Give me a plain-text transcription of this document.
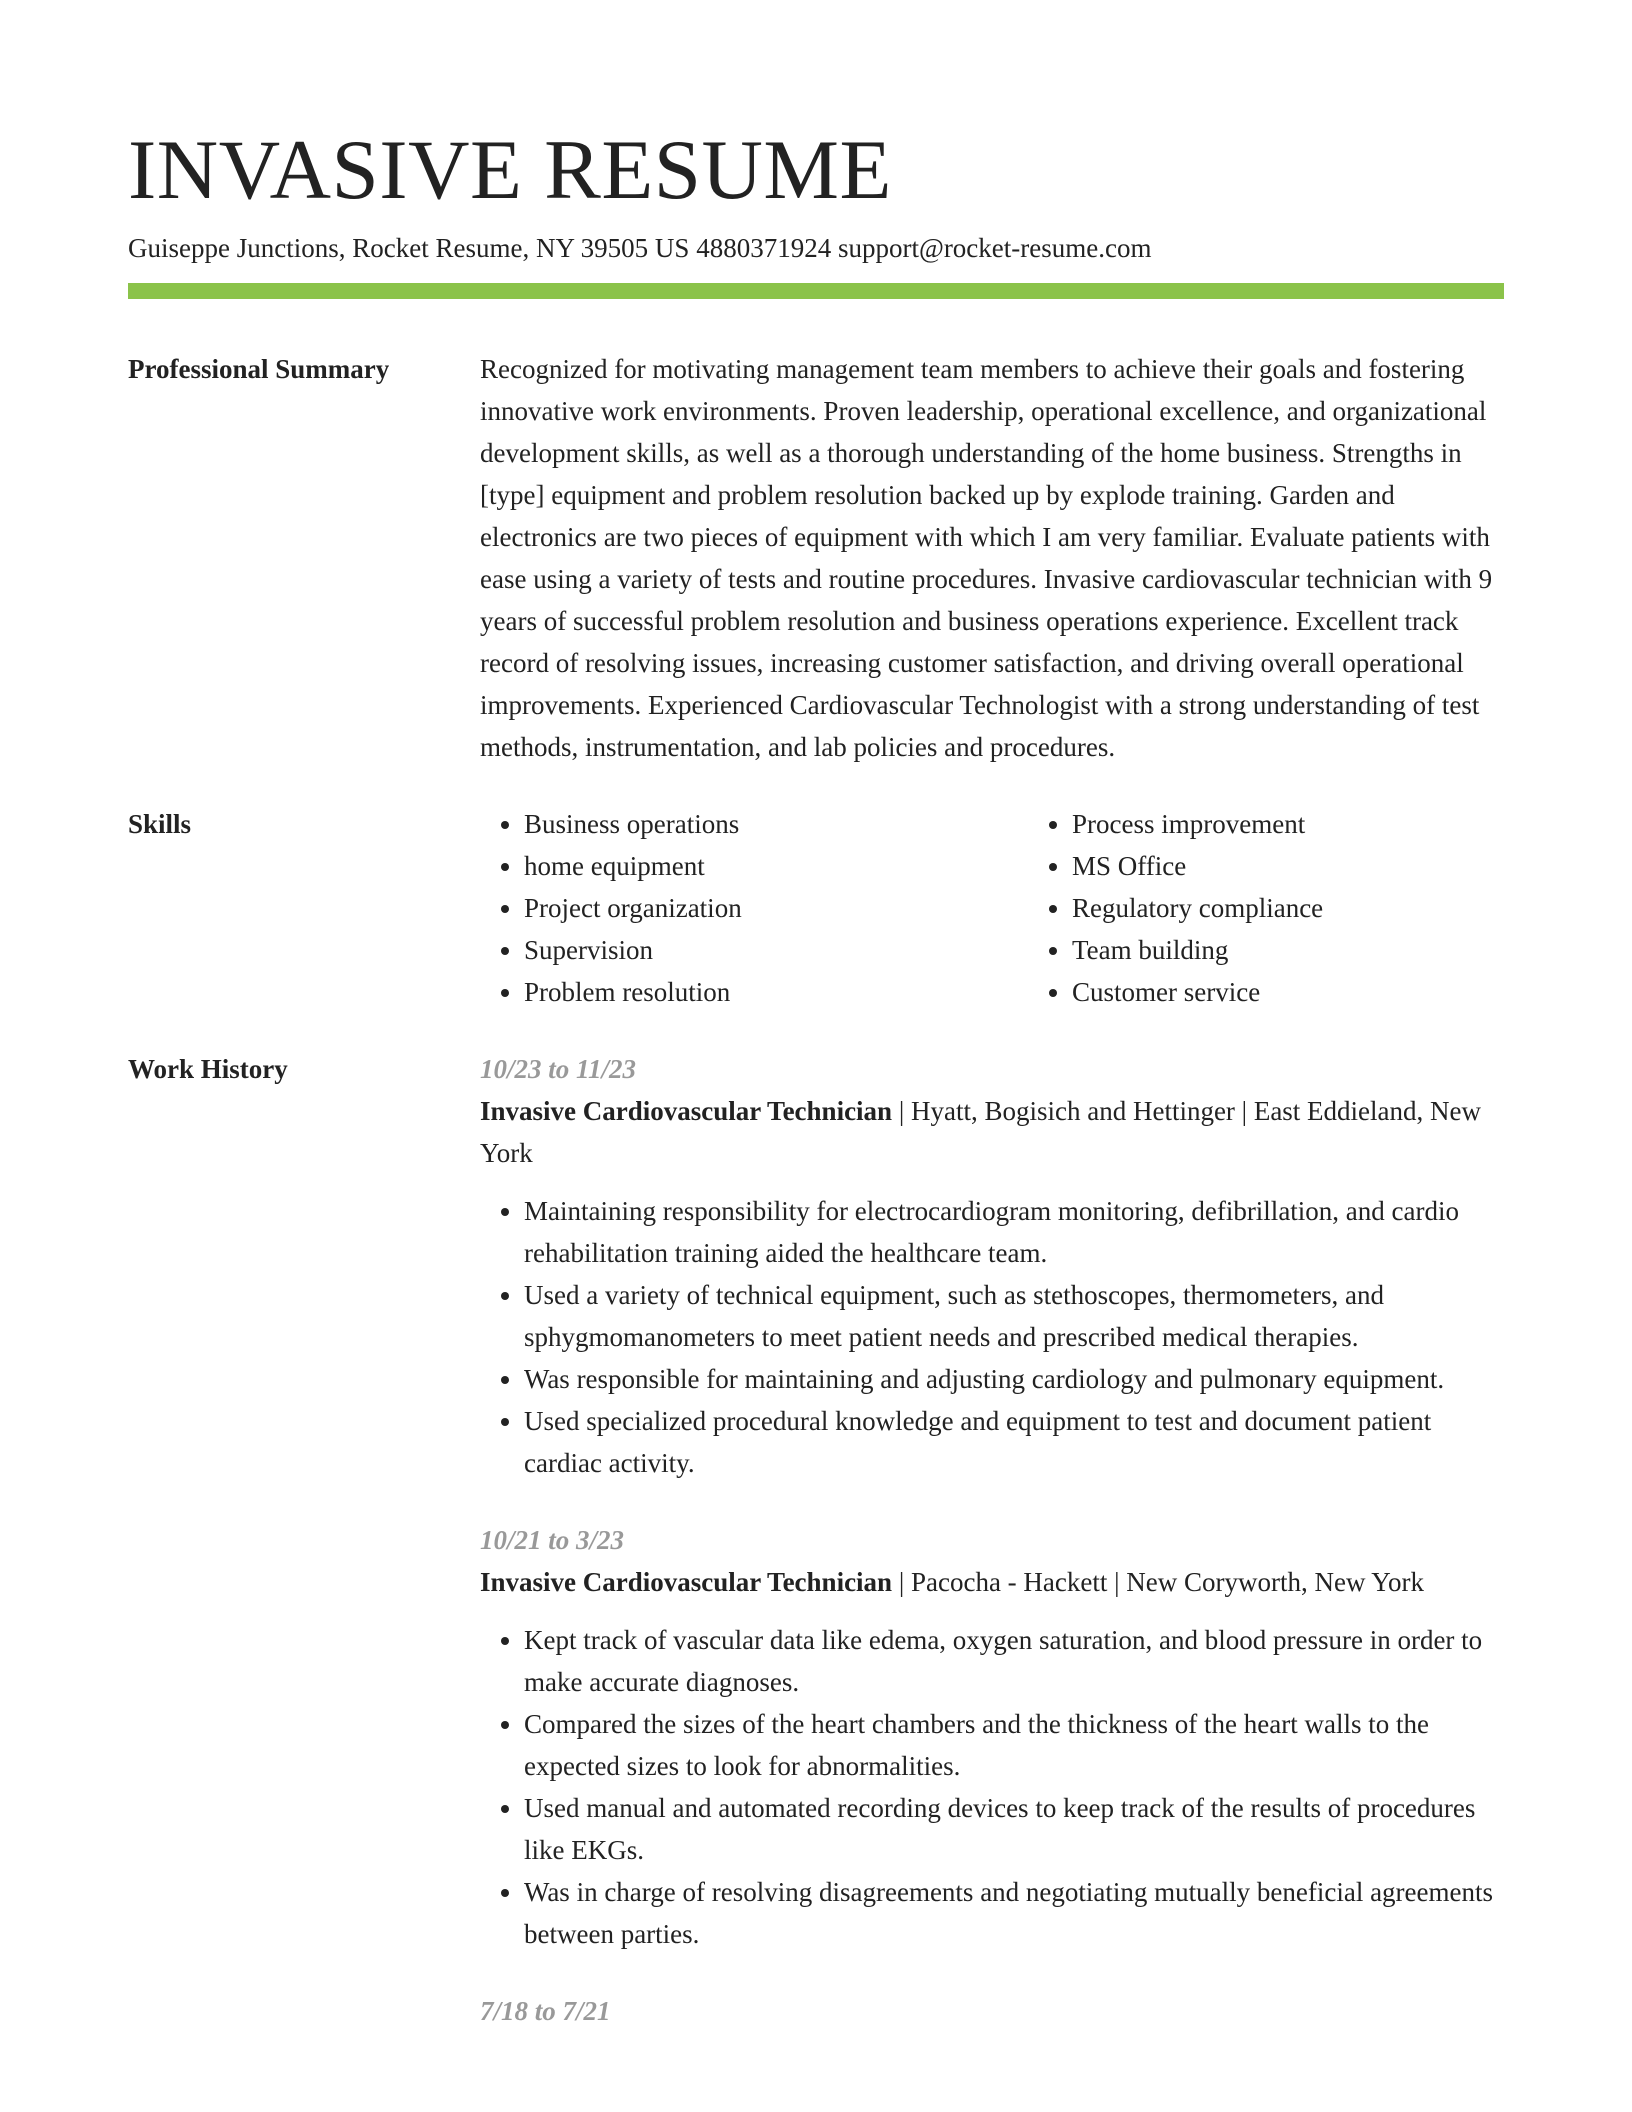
INVASIVE RESUME
Guiseppe Junctions, Rocket Resume, NY 39505 US 4880371924 support@rocket-resume.com
Professional Summary	Recognized for motivating management team members to achieve their goals and fostering innovative work environments. Proven leadership, operational excellence, and organizational development skills, as well as a thorough understanding of the home business. Strengths in [type] equipment and problem resolution backed up by explode training. Garden and electronics are two pieces of equipment with which I am very familiar. Evaluate patients with ease using a variety of tests and routine procedures. Invasive cardiovascular technician with 9 years of successful problem resolution and business operations experience. Excellent track record of resolving issues, increasing customer satisfaction, and driving overall operational improvements. Experienced Cardiovascular Technologist with a strong understanding of test methods, instrumentation, and lab policies and procedures.
Skills
•	Business operations
• home equipment
• Project organization
• Supervision
• Problem resolution
• Process improvement
• MS Office
• Regulatory compliance
• Team building
• Customer service
Work History	10/23 to 11/23
Invasive Cardiovascular Technician | Hyatt, Bogisich and Hettinger | East Eddieland, New York
• Maintaining responsibility for electrocardiogram monitoring, defibrillation, and cardio rehabilitation training aided the healthcare team.
• Used a variety of technical equipment, such as stethoscopes, thermometers, and sphygmomanometers to meet patient needs and prescribed medical therapies.
• Was responsible for maintaining and adjusting cardiology and pulmonary equipment.
• Used specialized procedural knowledge and equipment to test and document patient cardiac activity.
10/21 to 3/23
Invasive Cardiovascular Technician | Pacocha - Hackett | New Coryworth, New York
• Kept track of vascular data like edema, oxygen saturation, and blood pressure in order to make accurate diagnoses.
• Compared the sizes of the heart chambers and the thickness of the heart walls to the expected sizes to look for abnormalities.
• Used manual and automated recording devices to keep track of the results of procedures like EKGs.
• Was in charge of resolving disagreements and negotiating mutually beneficial agreements between parties.
7/18 to 7/21
